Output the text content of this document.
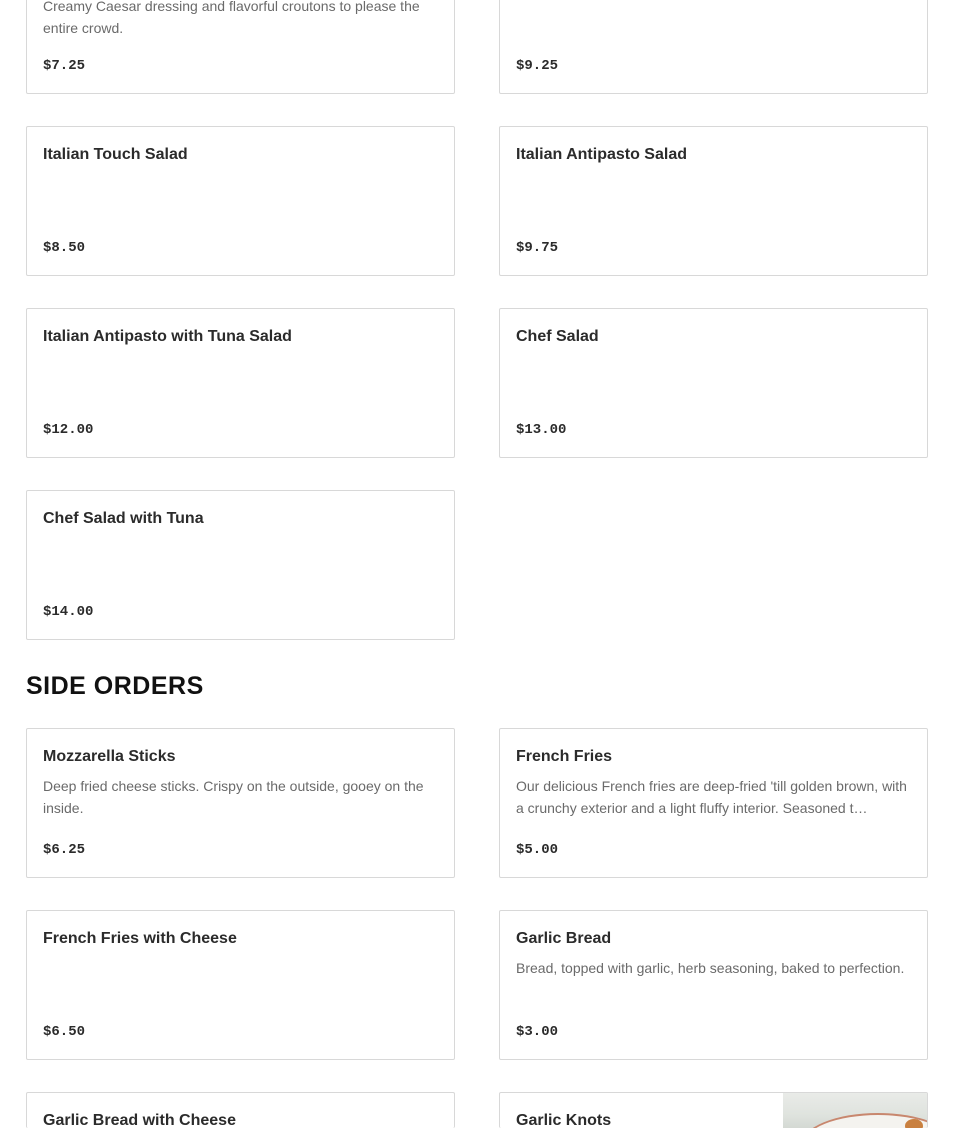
Creamy Caesar dressing and flavorful croutons to please the entire crowd.
$7.25	$9.25
Italian Touch Salad
$8.50
Italian Antipasto Salad
$9.75
Italian Antipasto with Tuna Salad
$12.00
Chef Salad
$13.00
Chef Salad with Tuna
$14.00
SIDE ORDERS
Mozzarella Sticks
Deep fried cheese sticks. Crispy on the outside, gooey on the inside.
$6.25
French Fries
Our delicious French fries are deep-fried 'till golden brown, with a crunchy exterior and a light fluffy interior. Seasoned t…
$5.00
French Fries with Cheese
$6.50
Garlic Bread
Bread, topped with garlic, herb seasoning, baked to perfection.
$3.00
Garlic Bread with Cheese	Garlic Knots
